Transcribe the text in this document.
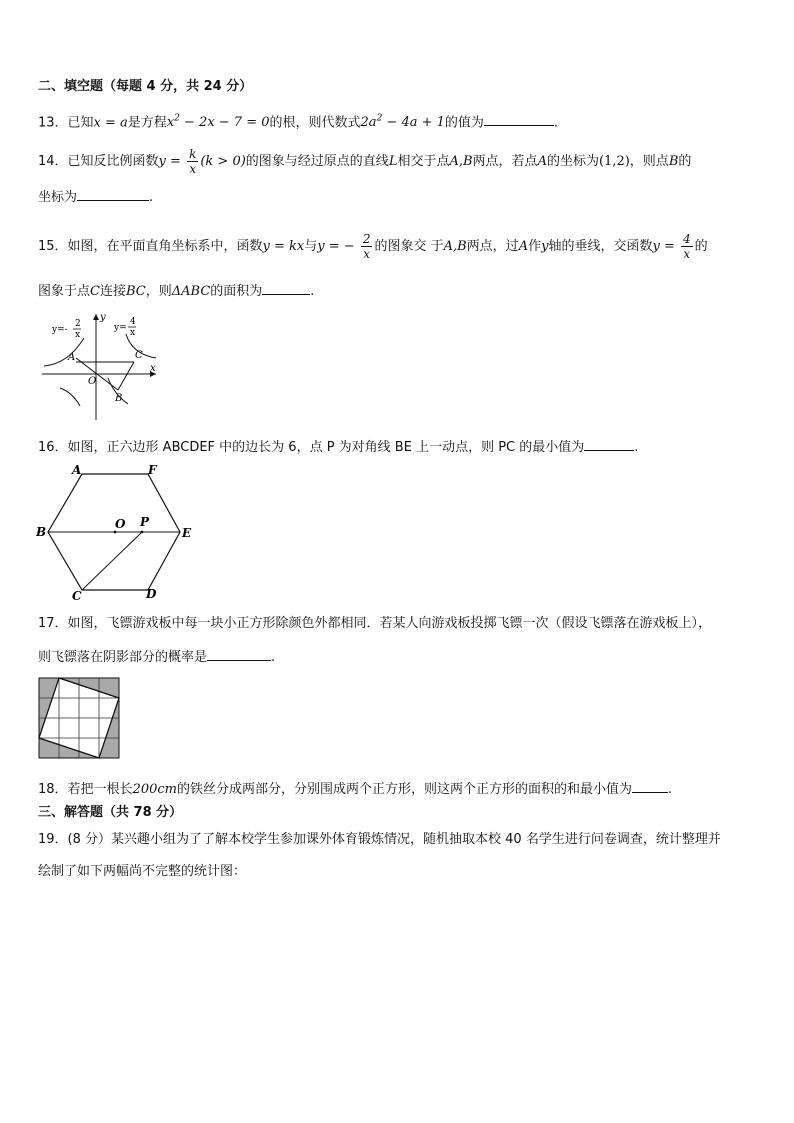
二、填空题（每题 4 分，共 24 分）
13．已知x = a是方程$x^2 - 2x - 7 = 0$的根，则代数式$2a^2 - 4a + 1$的值为	.
14．已知反比例函数$y = \frac{k}{x} (k > 0)$的图象与经过原点的直线L相交于点A,B两点，若点A的坐标为(1,2)，则点B的
坐标为	.
15．如图，在平面直角坐标系中，函数y = kx与y = − $\frac{2}{x}$ 的图象交 于A,B两点，过A作y轴的垂线，交函数$y = \frac{4}{x}$ 的
图象于点C连接BC，则ΔABC的面积为	.
y=-
2
x
y=
4
x
A	C
O
B
x
y
16．如图，正六边形 ABCDEF 中的边长为 6，点 P 为对角线 BE 上一动点，则 PC 的最小值为	.
A	F
B	E
C	D
O P
17．如图，飞镖游戏板中每一块小正方形除颜色外都相同．若某人向游戏板投掷飞镖一次（假设飞镖落在游戏板上），
则飞镖落在阴影部分的概率是	.
18．若把一根长200cm的铁丝分成两部分，分别围成两个正方形，则这两个正方形的面积的和最小值为	.
三、解答题（共 78 分）
19．(8 分）某兴趣小组为了了解本校学生参加课外体育锻炼情况，随机抽取本校 40 名学生进行问卷调查，统计整理并
绘制了如下两幅尚不完整的统计图：
